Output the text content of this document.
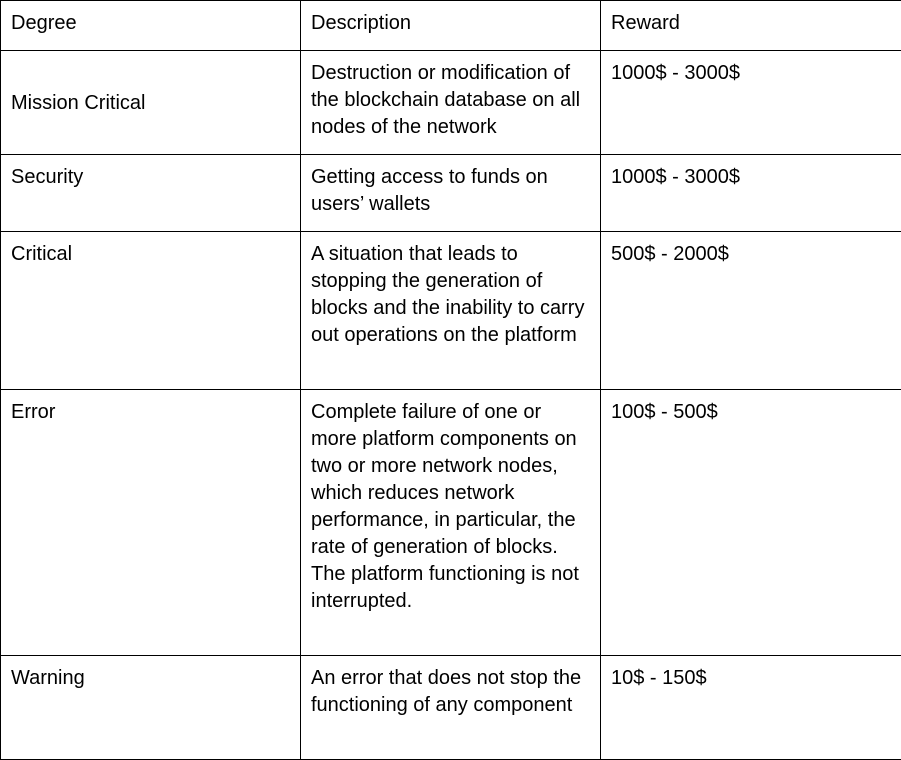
Degree	Description	Reward
Mission Critical	Destruction or modification of the blockchain database on all nodes of the network	1000$ - 3000$
Security	Getting access to funds on users’ wallets	1000$ - 3000$
Critical	A situation that leads to stopping the generation of blocks and the inability to carry out operations on the platform	500$ - 2000$
Error	Complete failure of one or more platform components on two or more network nodes, which reduces network performance, in particular, the rate of generation of blocks. The platform functioning is not interrupted.	100$ - 500$
Warning	An error that does not stop the functioning of any component	10$ - 150$
